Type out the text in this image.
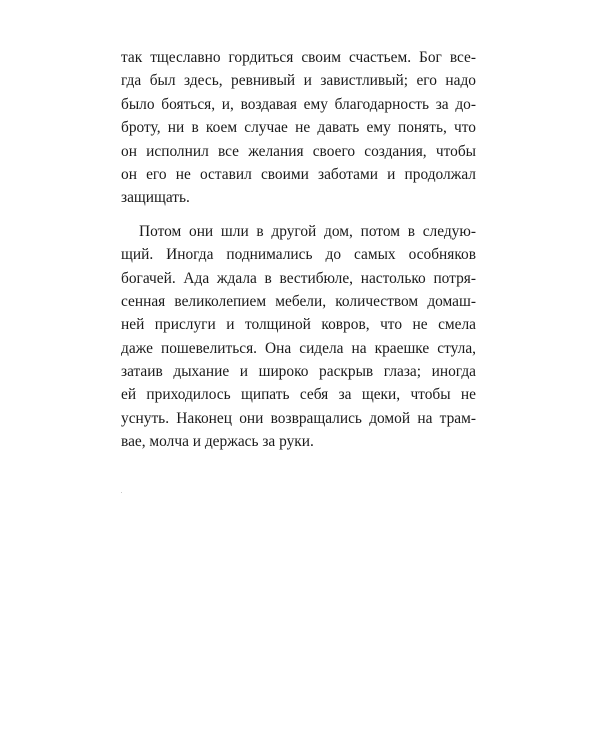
так тщеславно гордиться своим счастьем. Бог все-
гда был здесь, ревнивый и завистливый; его надо
было бояться, и, воздавая ему благодарность за до-
броту, ни в коем случае не давать ему понять, что
он исполнил все желания своего создания, чтобы
он его не оставил своими заботами и продолжал
защищать.
Потом они шли в другой дом, потом в следую-
щий. Иногда поднимались до самых особняков
богачей. Ада ждала в вестибюле, настолько потря-
сенная великолепием мебели, количеством домаш-
ней прислуги и толщиной ковров, что не смела
даже пошевелиться. Она сидела на краешке стула,
затаив дыхание и широко раскрыв глаза; иногда
ей приходилось щипать себя за щеки, чтобы не
уснуть. Наконец они возвращались домой на трам-
вае, молча и держась за руки.
